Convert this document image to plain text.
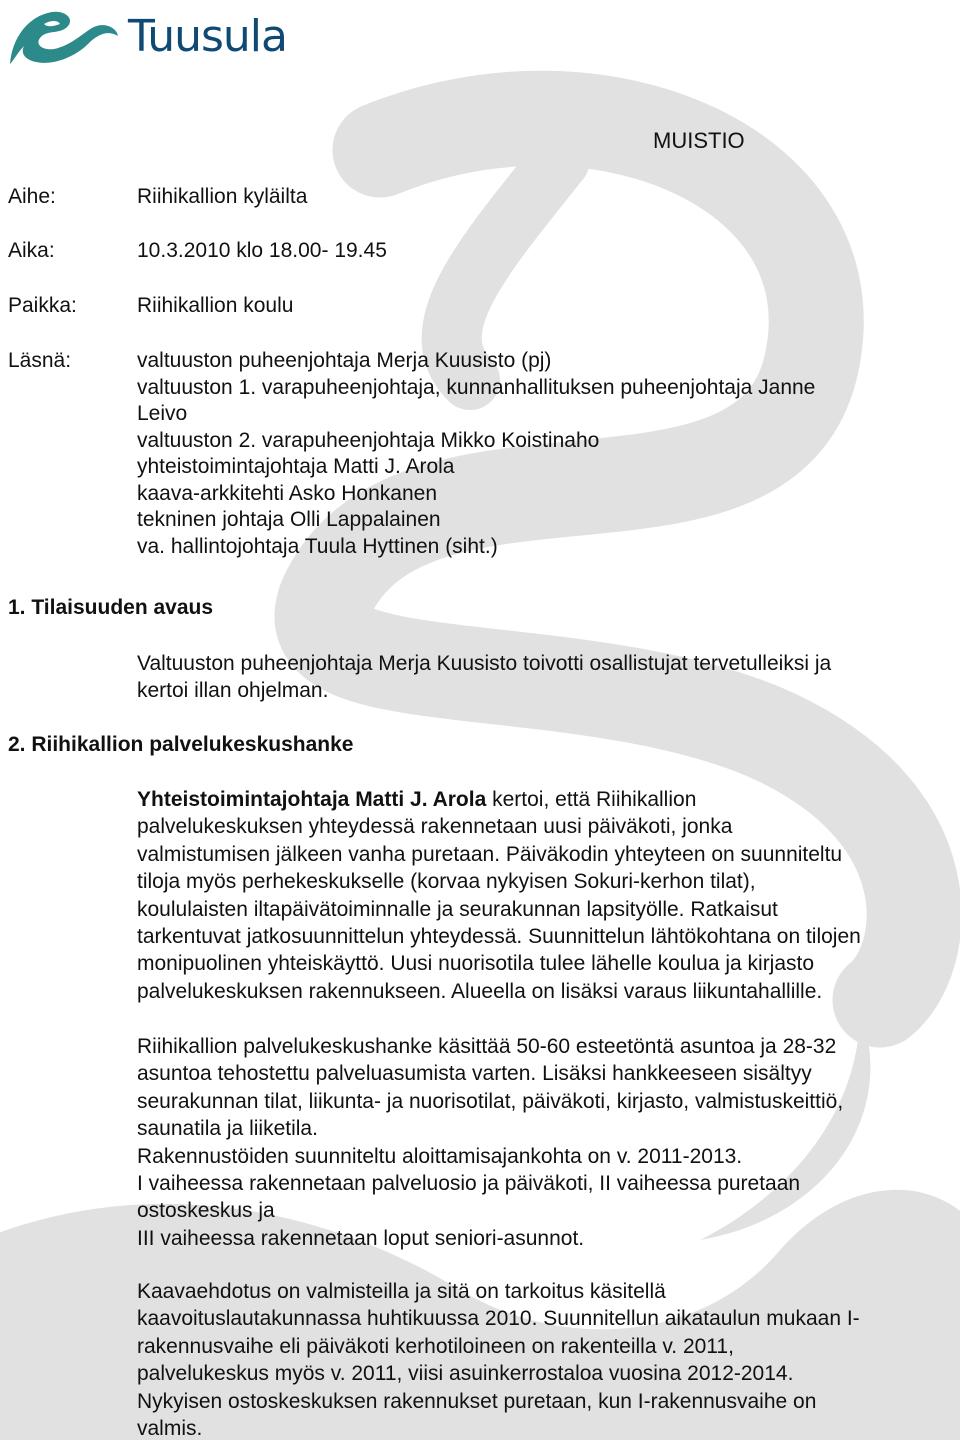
Tuusula
MUISTIO
Aihe:	Riihikallion kyläilta
Aika:	10.3.2010 klo 18.00- 19.45
Paikka:	Riihikallion koulu
Läsnä:	valtuuston puheenjohtaja Merja Kuusisto (pj)
valtuuston 1. varapuheenjohtaja, kunnanhallituksen puheenjohtaja Janne
Leivo
valtuuston 2. varapuheenjohtaja Mikko Koistinaho
yhteistoimintajohtaja Matti J. Arola
kaava-arkkitehti Asko Honkanen
tekninen johtaja Olli Lappalainen
va. hallintojohtaja Tuula Hyttinen (siht.)
1. Tilaisuuden avaus
Valtuuston puheenjohtaja Merja Kuusisto toivotti osallistujat tervetulleiksi ja
kertoi illan ohjelman.
2. Riihikallion palvelukeskushanke
Yhteistoimintajohtaja Matti J. Arola kertoi, että Riihikallion
palvelukeskuksen yhteydessä rakennetaan uusi päiväkoti, jonka
valmistumisen jälkeen vanha puretaan. Päiväkodin yhteyteen on suunniteltu
tiloja myös perhekeskukselle (korvaa nykyisen Sokuri-kerhon tilat),
koululaisten iltapäivätoiminnalle ja seurakunnan lapsityölle. Ratkaisut
tarkentuvat jatkosuunnittelun yhteydessä. Suunnittelun lähtökohtana on tilojen
monipuolinen yhteiskäyttö. Uusi nuorisotila tulee lähelle koulua ja kirjasto
palvelukeskuksen rakennukseen. Alueella on lisäksi varaus liikuntahallille.
Riihikallion palvelukeskushanke käsittää 50-60 esteetöntä asuntoa ja 28-32
asuntoa tehostettu palveluasumista varten. Lisäksi hankkeeseen sisältyy
seurakunnan tilat, liikunta- ja nuorisotilat, päiväkoti, kirjasto, valmistuskeittiö,
saunatila ja liiketila.
Rakennustöiden suunniteltu aloittamisajankohta on v. 2011-2013.
I vaiheessa rakennetaan palveluosio ja päiväkoti, II vaiheessa puretaan
ostoskeskus ja
III vaiheessa rakennetaan loput seniori-asunnot.
Kaavaehdotus on valmisteilla ja sitä on tarkoitus käsitellä
kaavoituslautakunnassa huhtikuussa 2010. Suunnitellun aikataulun mukaan I-
rakennusvaihe eli päiväkoti kerhotiloineen on rakenteilla v. 2011,
palvelukeskus myös v. 2011, viisi asuinkerrostaloa vuosina 2012-2014.
Nykyisen ostoskeskuksen rakennukset puretaan, kun I-rakennusvaihe on
valmis.
